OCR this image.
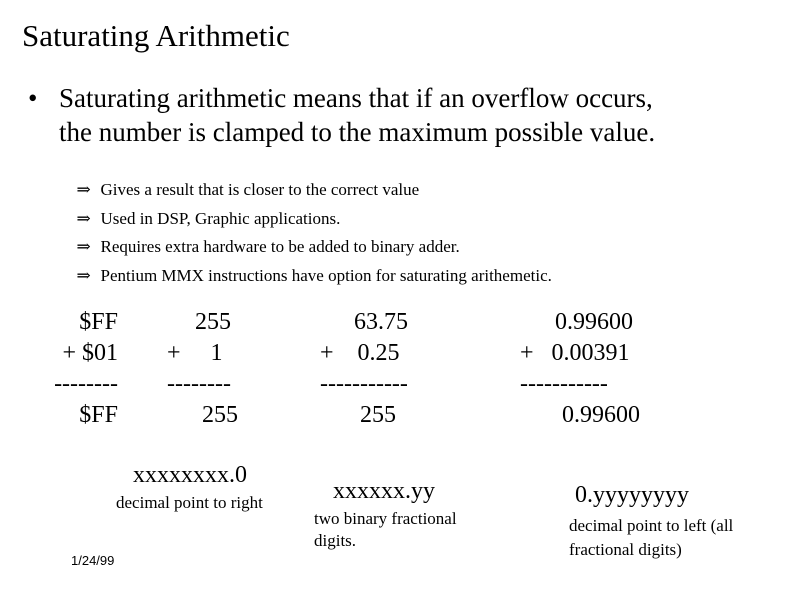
Saturating Arithmetic
• Saturating arithmetic means that if an overflow occurs,
the number is clamped to the maximum possible value.

⇒ Gives a result that is closer to the correct value

⇒ Used in DSP, Graphic applications.

⇒ Requires extra hardware to be added to binary adder.

⇒ Pentium MMX instructions have option for saturating arithemetic.

$FF
+ $01
--------
$FF
255
+     1
--------
255
63.75
+    0.25
-----------
255
0.99600
+   0.00391
-----------
0.99600
xxxxxxxx.0
decimal point to right	xxxxxx.yy
two binary fractional
digits.
0.yyyyyyyy
decimal point to left (all
fractional digits)
1/24/99
